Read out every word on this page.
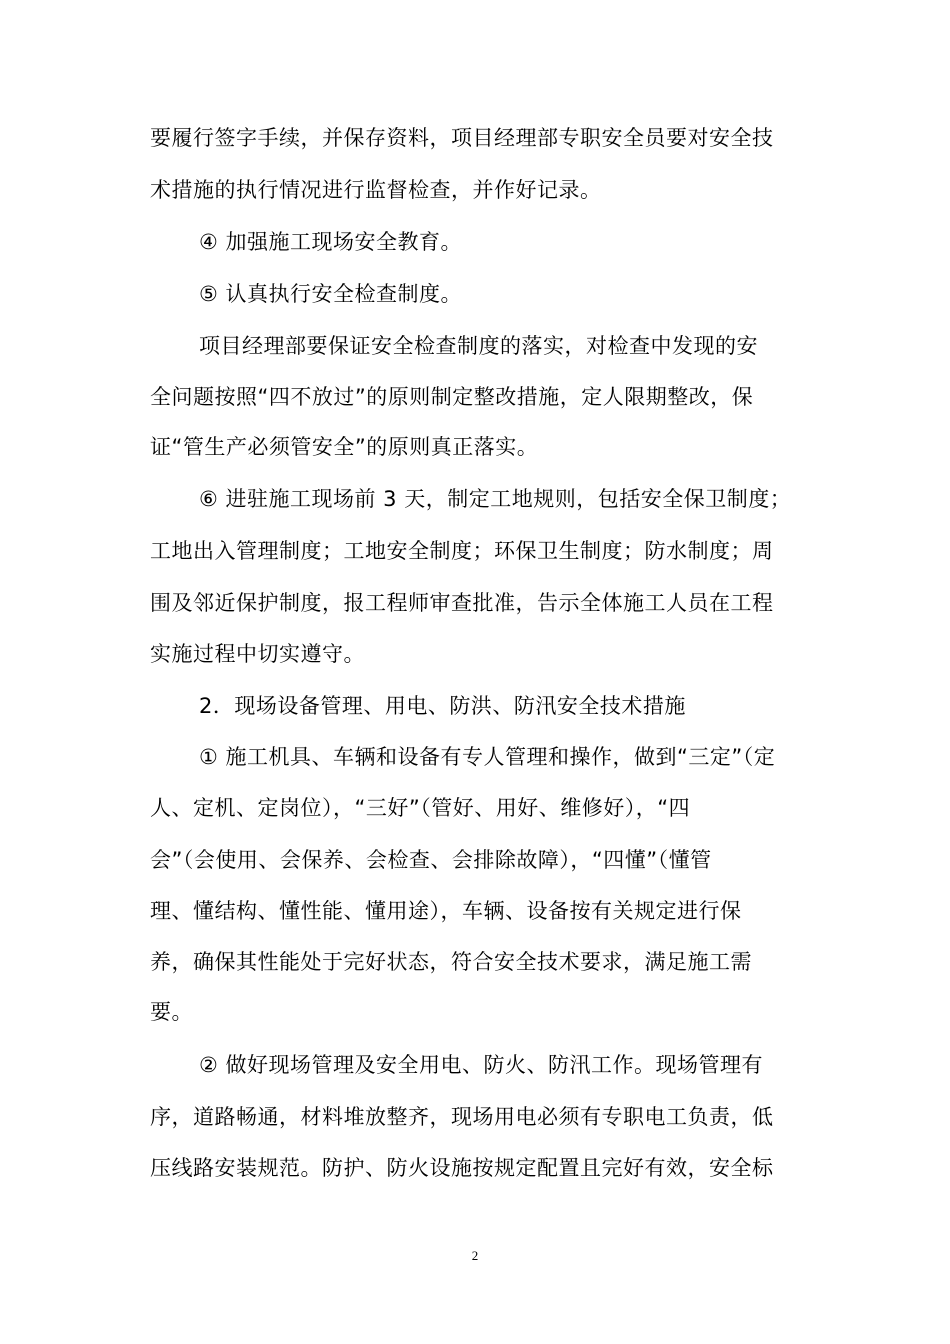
要履行签字手续，并保存资料，项目经理部专职安全员要对安全技
术措施的执行情况进行监督检查，并作好记录。
④ 加强施工现场安全教育。
⑤ 认真执行安全检查制度。
项目经理部要保证安全检查制度的落实，对检查中发现的安
全问题按照“四不放过”的原则制定整改措施，定人限期整改，保
证“管生产必须管安全”的原则真正落实。
⑥ 进驻施工现场前 3 天，制定工地规则，包括安全保卫制度；
工地出入管理制度；工地安全制度；环保卫生制度；防水制度；周
围及邻近保护制度，报工程师审查批准，告示全体施工人员在工程
实施过程中切实遵守。
2．现场设备管理、用电、防洪、防汛安全技术措施
① 施工机具、车辆和设备有专人管理和操作，做到“三定”（定
人、定机、定岗位），“三好”（管好、用好、维修好），“四
会”（会使用、会保养、会检查、会排除故障），“四懂”（懂管
理、懂结构、懂性能、懂用途），车辆、设备按有关规定进行保
养，确保其性能处于完好状态，符合安全技术要求，满足施工需
要。
② 做好现场管理及安全用电、防火、防汛工作。现场管理有
序，道路畅通，材料堆放整齐，现场用电必须有专职电工负责，低
压线路安装规范。防护、防火设施按规定配置且完好有效，安全标
2
